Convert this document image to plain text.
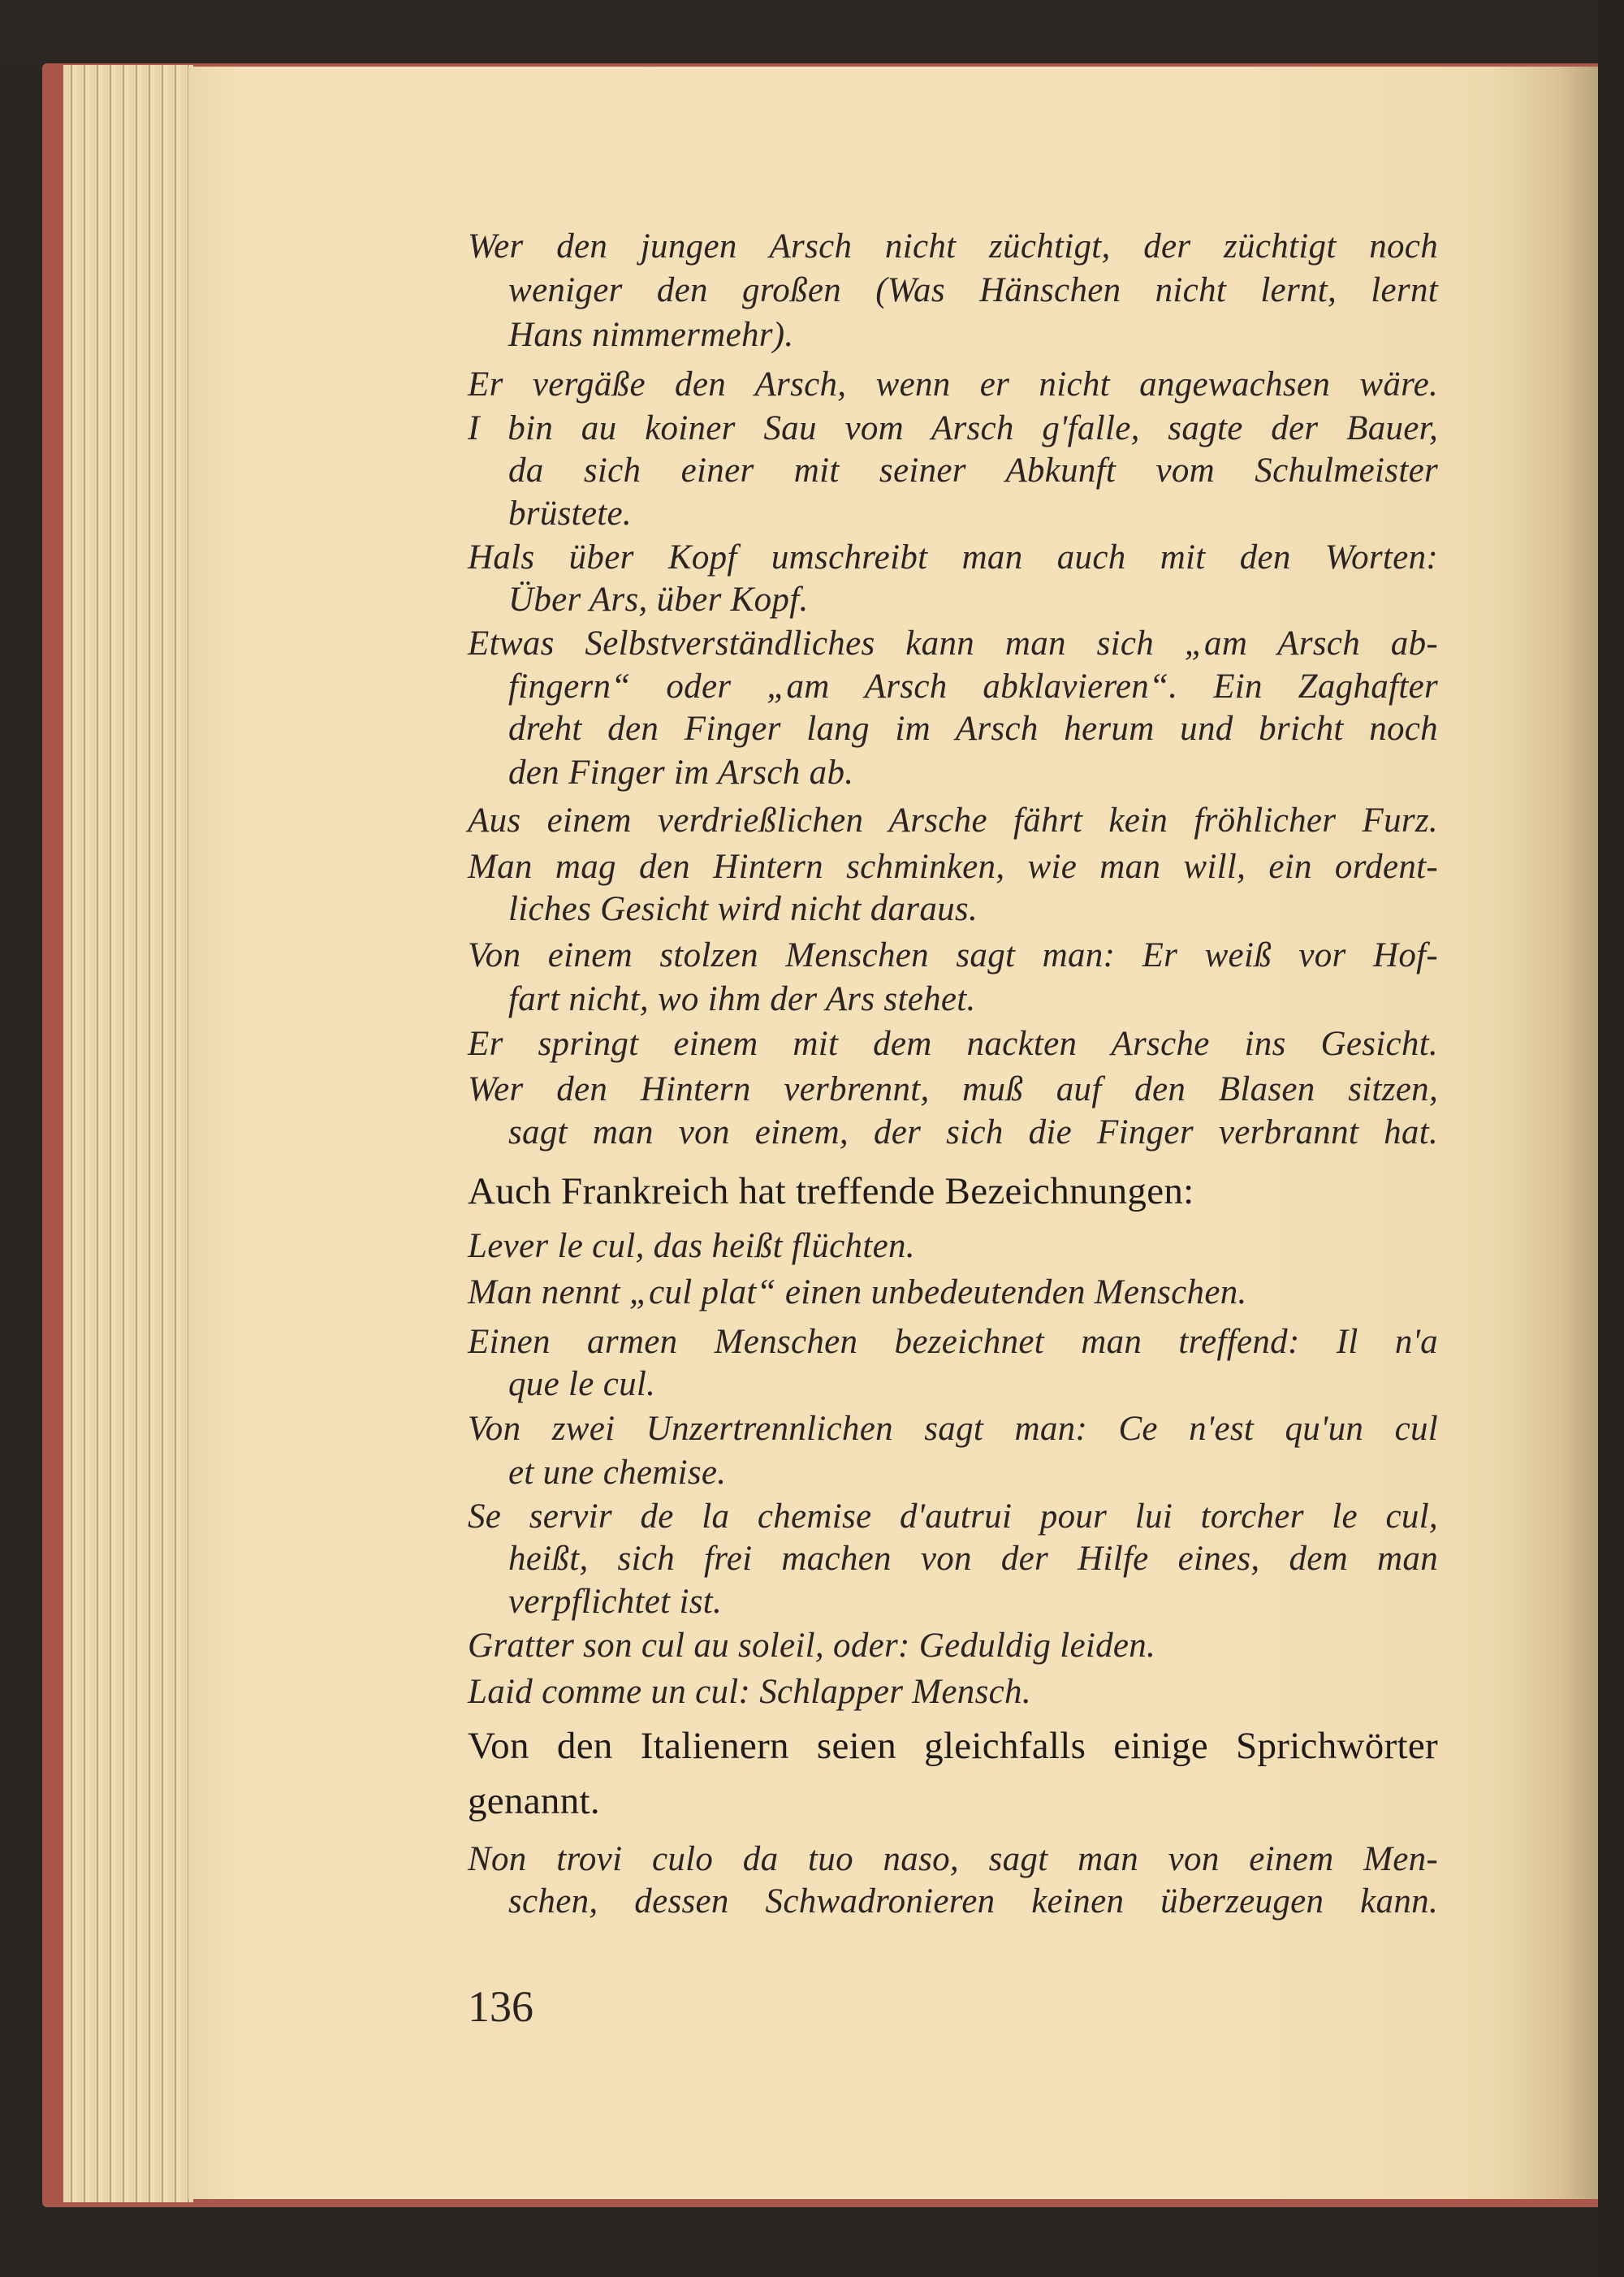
Wer den jungen Arsch nicht züchtigt, der züchtigt noch
weniger den großen (Was Hänschen nicht lernt, lernt
Hans nimmermehr).
Er vergäße den Arsch, wenn er nicht angewachsen wäre.
I bin au koiner Sau vom Arsch g'falle, sagte der Bauer,
da sich einer mit seiner Abkunft vom Schulmeister
brüstete.
Hals über Kopf umschreibt man auch mit den Worten:
Über Ars, über Kopf.
Etwas Selbstverständliches kann man sich „am Arsch ab-
fingern“ oder „am Arsch abklavieren“. Ein Zaghafter
dreht den Finger lang im Arsch herum und bricht noch
den Finger im Arsch ab.
Aus einem verdrießlichen Arsche fährt kein fröhlicher Furz.
Man mag den Hintern schminken, wie man will, ein ordent-
liches Gesicht wird nicht daraus.
Von einem stolzen Menschen sagt man: Er weiß vor Hof-
fart nicht, wo ihm der Ars stehet.
Er springt einem mit dem nackten Arsche ins Gesicht.
Wer den Hintern verbrennt, muß auf den Blasen sitzen,
sagt man von einem, der sich die Finger verbrannt hat.
Auch Frankreich hat treffende Bezeichnungen:
Lever le cul, das heißt flüchten.
Man nennt „cul plat“ einen unbedeutenden Menschen.
Einen armen Menschen bezeichnet man treffend: Il n'a
que le cul.
Von zwei Unzertrennlichen sagt man: Ce n'est qu'un cul
et une chemise.
Se servir de la chemise d'autrui pour lui torcher le cul,
heißt, sich frei machen von der Hilfe eines, dem man
verpflichtet ist.
Gratter son cul au soleil, oder: Geduldig leiden.
Laid comme un cul: Schlapper Mensch.
Von den Italienern seien gleichfalls einige Sprichwörter
genannt.
Non trovi culo da tuo naso, sagt man von einem Men-
schen, dessen Schwadronieren keinen überzeugen kann.
136
